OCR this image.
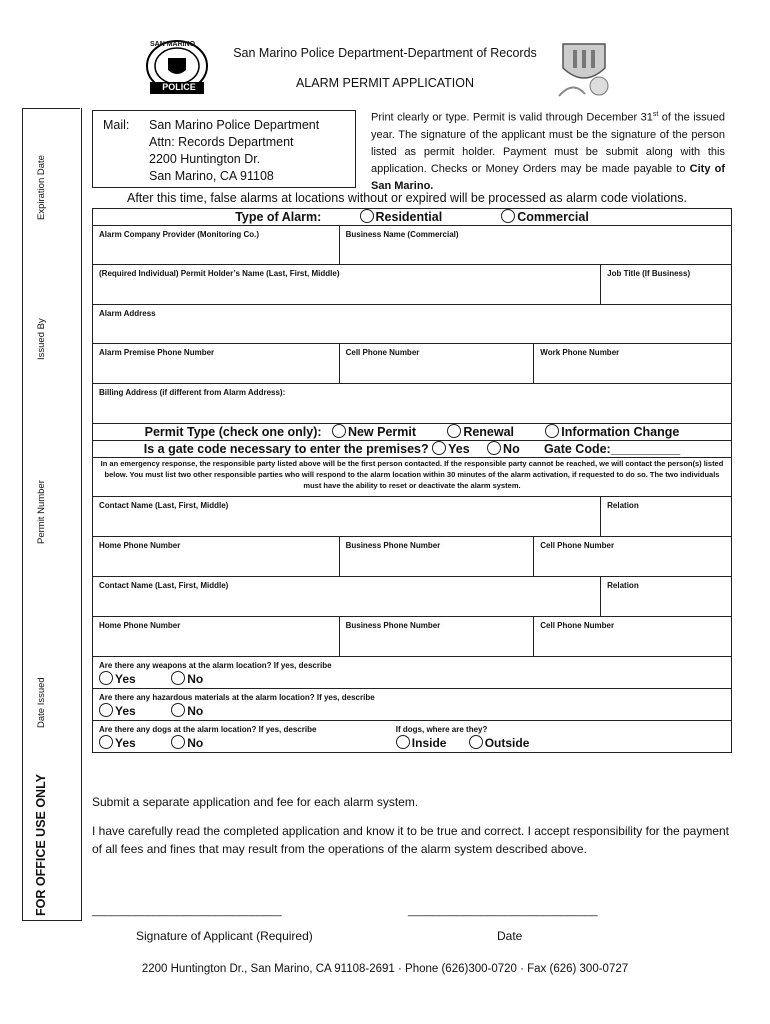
SAN MARINO
POLICE
San Marino Police Department-Department of Records
ALARM PERMIT APPLICATION
Expiration Date
Issued By
Permit Number
Date Issued
FOR OFFICE USE ONLY
Mail: San Marino Police Department
Attn: Records Department
2200 Huntington Dr.
San Marino, CA 91108
Print clearly or type. Permit is valid through December 31st of the issued year. The signature of the applicant must be the signature of the person listed as permit holder. Payment must be submit along with this application. Checks or Money Orders may be made payable to City of San Marino.
After this time, false alarms at locations without or expired will be processed as alarm code violations.
Type of Alarm: Residential Commercial			

Alarm Company Provider (Monitoring Co.)	Business Name (Commercial)		

(Required Individual) Permit Holder’s Name (Last, First, Middle)			Job Title (If Business)

Alarm Address			

Alarm Premise Phone Number	Cell Phone Number	Work Phone Number	

Billing Address (if different from Alarm Address):			

Permit Type (check one only): New Permit Renewal Information Change			
Is a gate code necessary to enter the premises? Yes No Gate Code:__________			
In an emergency response, the responsible party listed above will be the first person contacted. If the responsible party cannot be reached, we will contact the person(s) listed below. You must list two other responsible parties who will respond to the alarm location within 30 minutes of the alarm activation, if requested to do so. The two individuals must have the ability to reset or deactivate the alarm system.			

Contact Name (Last, First, Middle)			Relation

Home Phone Number	Business Phone Number	Cell Phone Number	

Contact Name (Last, First, Middle)			Relation

Home Phone Number	Business Phone Number	Cell Phone Number	

Are there any weapons at the alarm location? If yes, describe
Yes No			

Are there any hazardous materials at the alarm location? If yes, describe
Yes No			

Are there any dogs at the alarm location? If yes, describe
Yes No		If dogs, where are they?
Inside Outside	
Submit a separate application and fee for each alarm system.
I have carefully read the completed application and know it to be true and correct. I accept responsibility for the payment of all fees and fines that may result from the operations of the alarm system described above.
_______________________________	_______________________________
Signature of Applicant (Required)	Date
2200 Huntington Dr., San Marino, CA 91108-2691 · Phone (626)300-0720 · Fax (626) 300-0727
